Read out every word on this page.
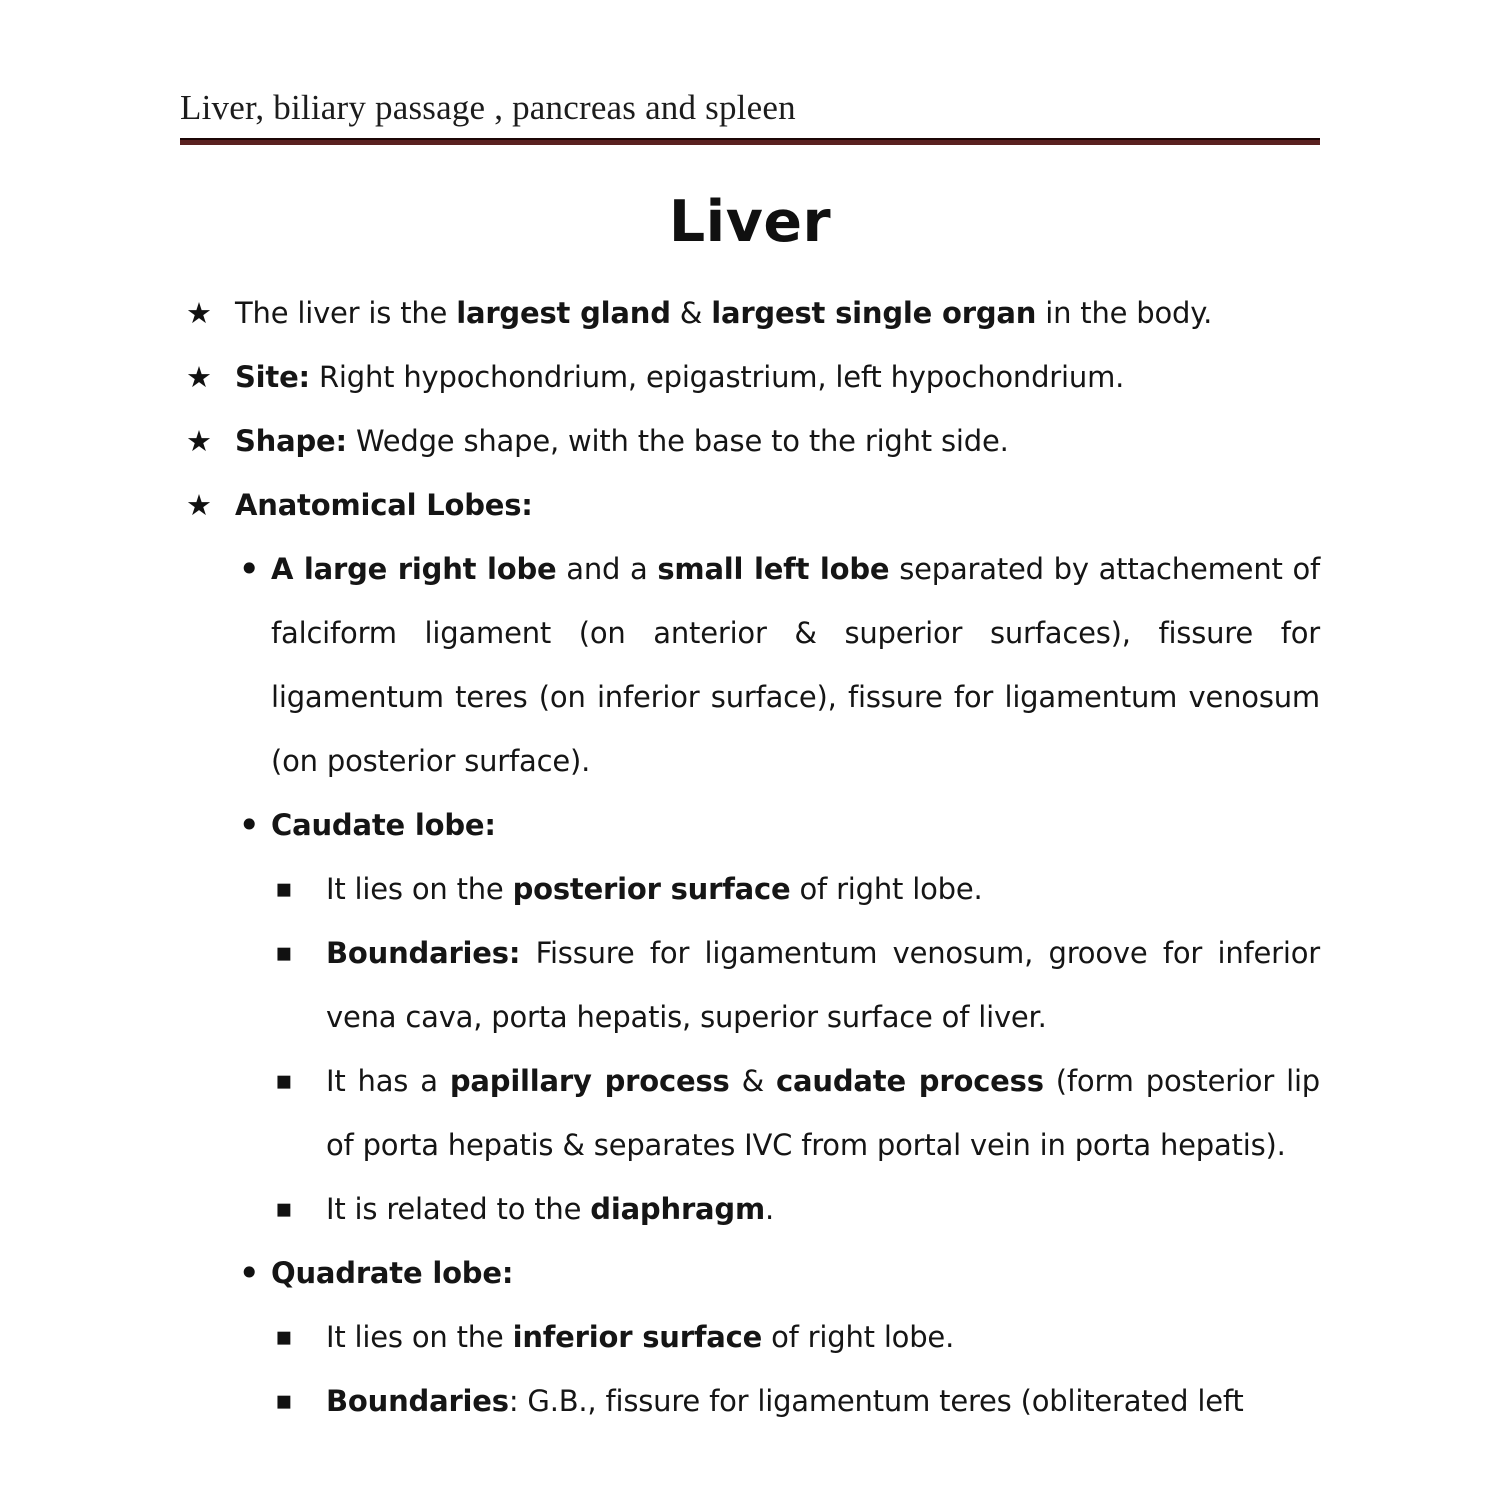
Liver, biliary passage , pancreas and spleen
Liver
★ The liver is the largest gland & largest single organ in the body.
★ Site: Right hypochondrium, epigastrium, left hypochondrium.
★ Shape: Wedge shape, with the base to the right side.
★ Anatomical Lobes:
• A large right lobe and a small left lobe separated by attachement of falciform ligament (on anterior & superior surfaces), fissure for ligamentum teres (on inferior surface), fissure for ligamentum venosum (on posterior surface).
• Caudate lobe:
▪ It lies on the posterior surface of right lobe.
▪ Boundaries: Fissure for ligamentum venosum, groove for inferior vena cava, porta hepatis, superior surface of liver.
▪ It has a papillary process & caudate process (form posterior lip of porta hepatis & separates IVC from portal vein in porta hepatis).
▪ It is related to the diaphragm.
• Quadrate lobe:
▪ It lies on the inferior surface of right lobe.
▪ Boundaries: G.B., fissure for ligamentum teres (obliterated left
